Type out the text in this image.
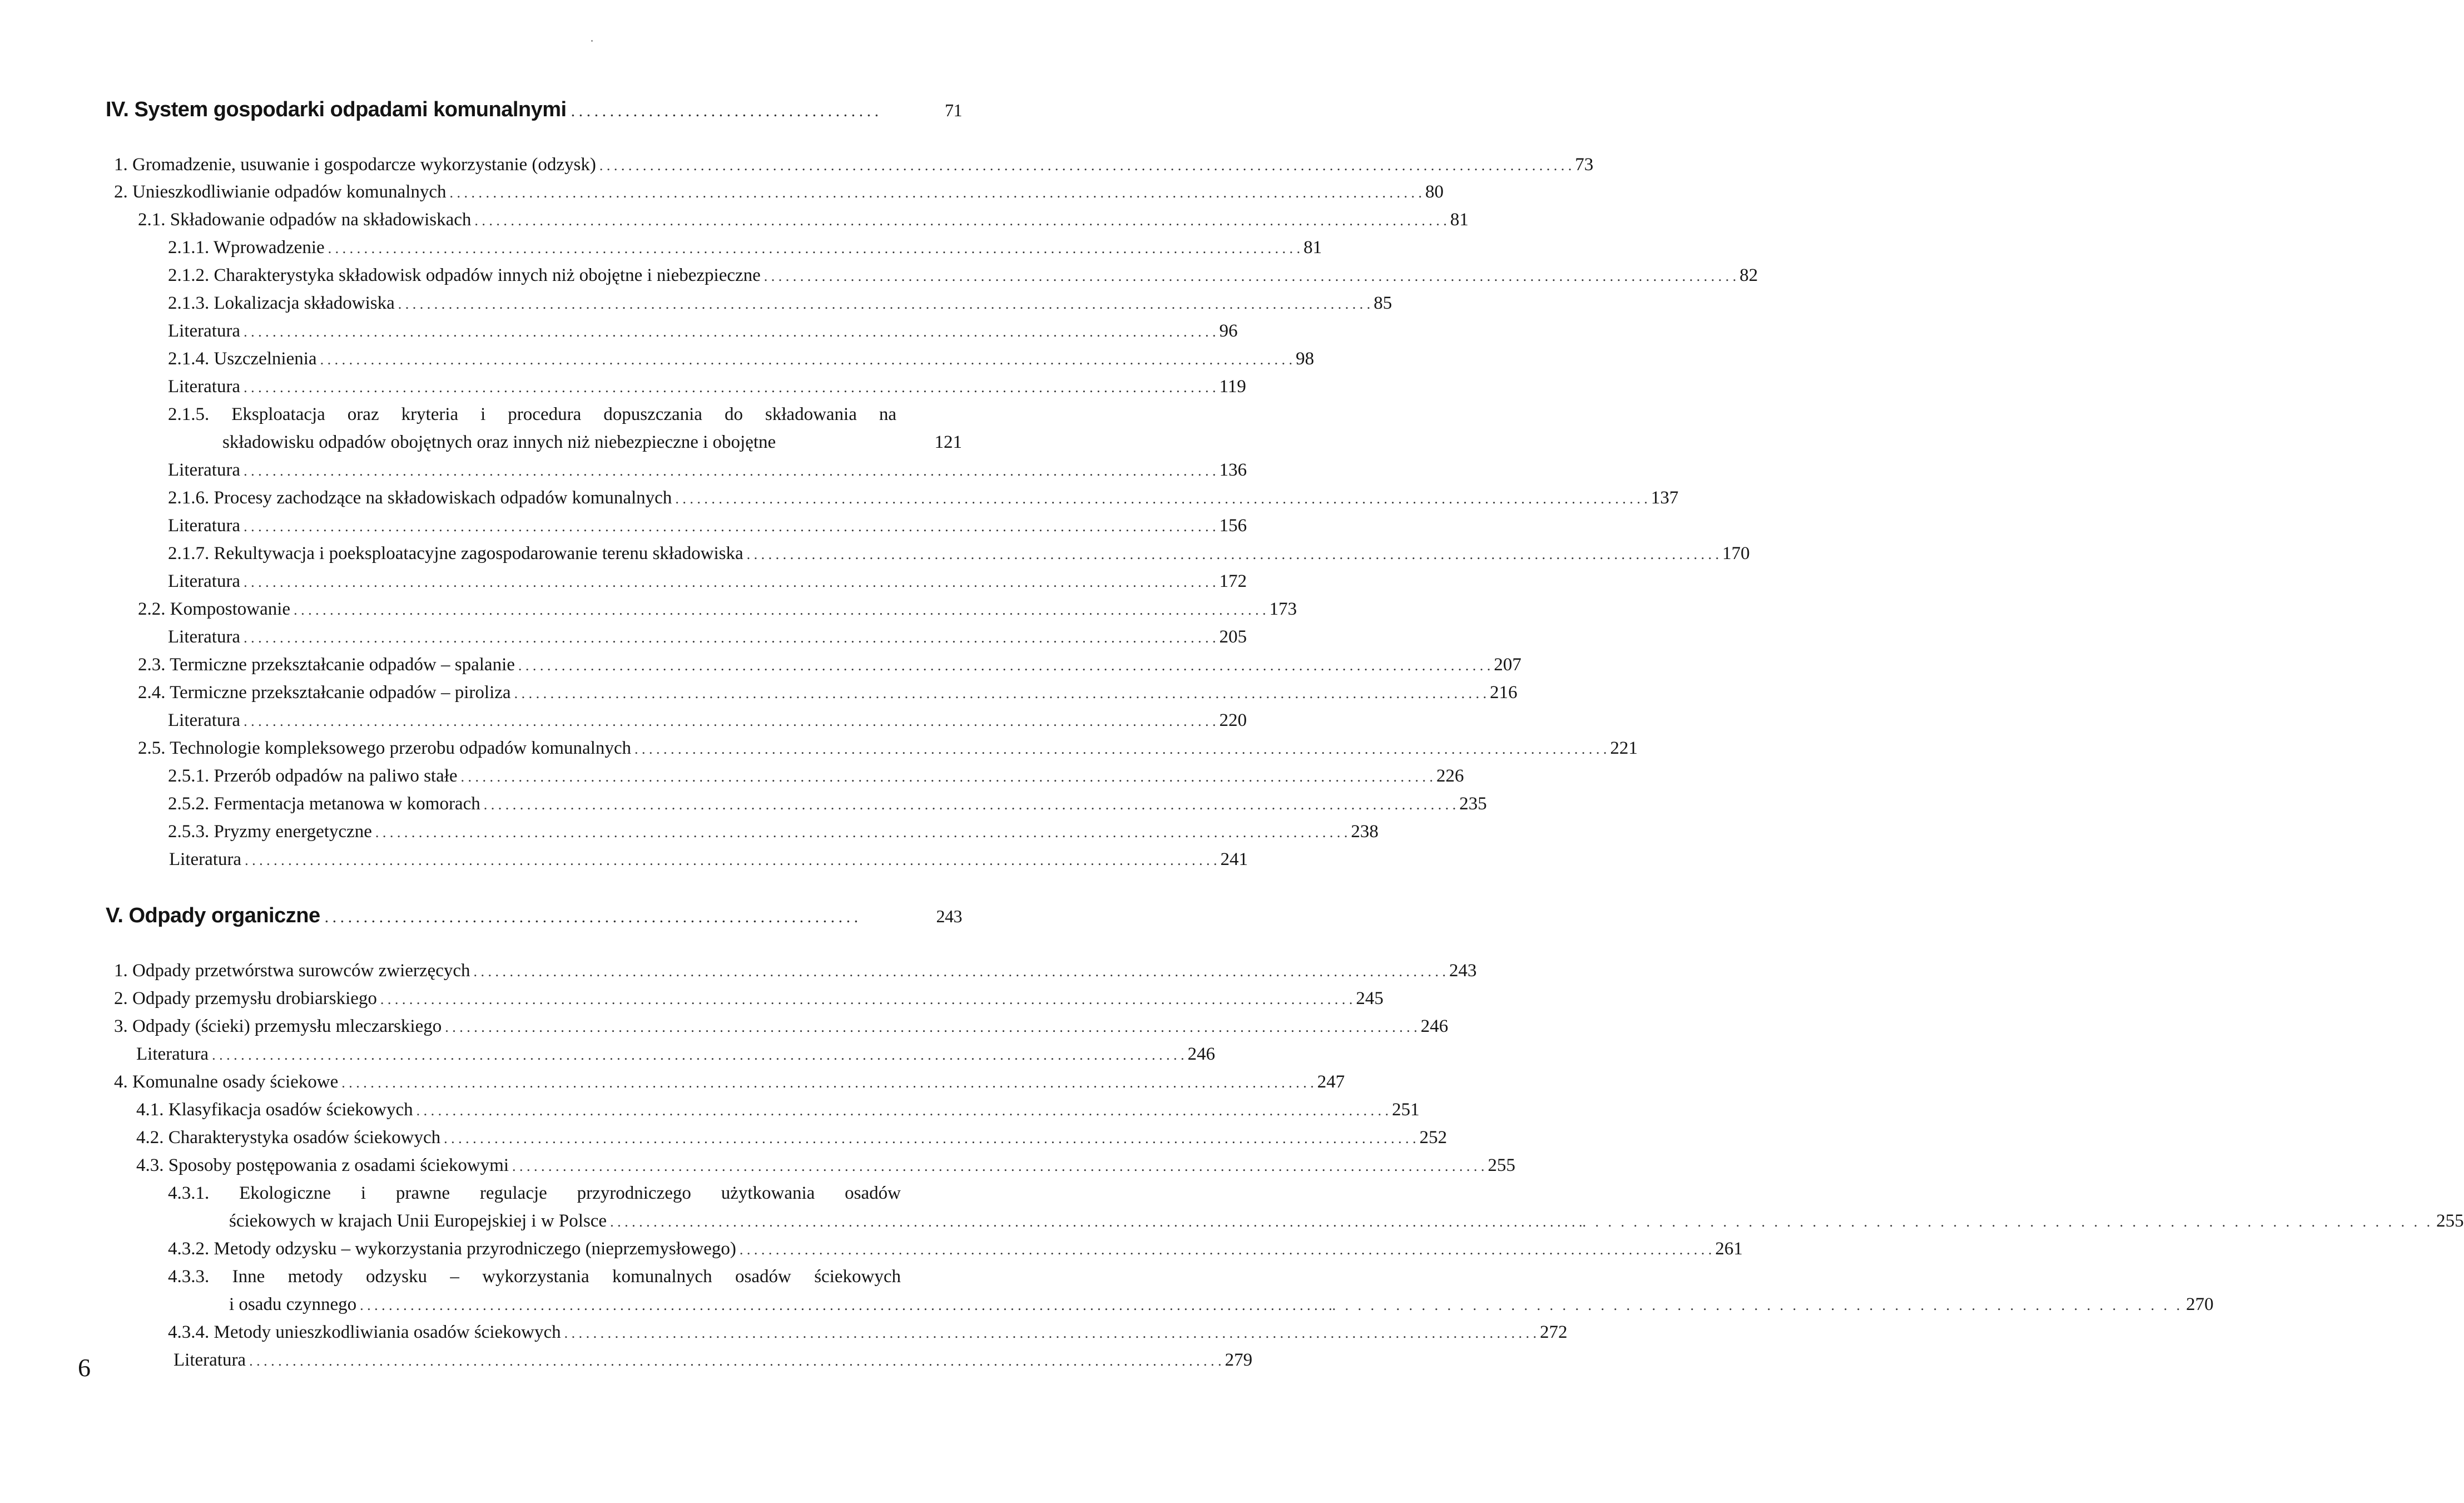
IV. System gospodarki odpadami komunalnymi . . . . . . . . . . . . . . . . . . . . . . . . . . . . . . . . . . . . . . . .	71
1. Gromadzenie, usuwanie i gospodarcze wykorzystanie (odzysk) . . .	73
2. Unieszkodliwianie odpadów komunalnych . . .	80
2.1. Składowanie odpadów na składowiskach . . .	81
2.1.1. Wprowadzenie . . .	81
2.1.2. Charakterystyka składowisk odpadów innych niż obojętne i niebezpieczne . . .	82
2.1.3. Lokalizacja składowiska . . .	85
Literatura . . .	96
2.1.4. Uszczelnienia . . .	98
Literatura . . .	119
2.1.5. Eksploatacja oraz kryteria i procedura dopuszczania do składowania na
składowisku odpadów obojętnych oraz innych niż niebezpieczne i obojętne	121
Literatura . . .	136
2.1.6. Procesy zachodzące na składowiskach odpadów komunalnych . . .	137
Literatura . . .	156
2.1.7. Rekultywacja i poeksploatacyjne zagospodarowanie terenu składowiska . . .	170
Literatura . . .	172
2.2. Kompostowanie . . .	173
Literatura . . .	205
2.3. Termiczne przekształcanie odpadów – spalanie . . .	207
2.4. Termiczne przekształcanie odpadów – piroliza . . .	216
Literatura . . .	220
2.5. Technologie kompleksowego przerobu odpadów komunalnych . . .	221
2.5.1. Przerób odpadów na paliwo stałe . . .	226
2.5.2. Fermentacja metanowa w komorach . . .	235
2.5.3. Pryzmy energetyczne . . .	238
Literatura . . .	241
V. Odpady organiczne . . . . . . . . . . . . . . . . . . . . . . . . . . . . . . . . . . . . . . . . . . . . . . . . . . . . . . . . . . . . . . . . . . . . .	243
1. Odpady przetwórstwa surowców zwierzęcych . . .	243
2. Odpady przemysłu drobiarskiego . . .	245
3. Odpady (ścieki) przemysłu mleczarskiego . . .	246
Literatura . . .	246
4. Komunalne osady ściekowe . . .	247
4.1. Klasyfikacja osadów ściekowych . . .	251
4.2. Charakterystyka osadów ściekowych . . .	252
4.3. Sposoby postępowania z osadami ściekowymi . . .	255
4.3.1. Ekologiczne i prawne regulacje przyrodniczego użytkowania osadów
ściekowych w krajach Unii Europejskiej i w Polsce	. . . . . . . . . . . . . . . . . . . . . . . . . . . . . . . . . . . . . . . . . . . . . . . . . . . . . . . . . . . . . . . . . . . . . . 255
4.3.2. Metody odzysku – wykorzystania przyrodniczego (nieprzemysłowego) . . .	261
4.3.3. Inne metody odzysku – wykorzystania komunalnych osadów ściekowych
i osadu czynnego	. . . . . . . . . . . . . . . . . . . . . . . . . . . . . . . . . . . . . . . . . . . . . . . . . . . . . . . . . . . . . . . . . . . . . . 270
4.3.4. Metody unieszkodliwiania osadów ściekowych . . .	272
Literatura . . .	279
6
